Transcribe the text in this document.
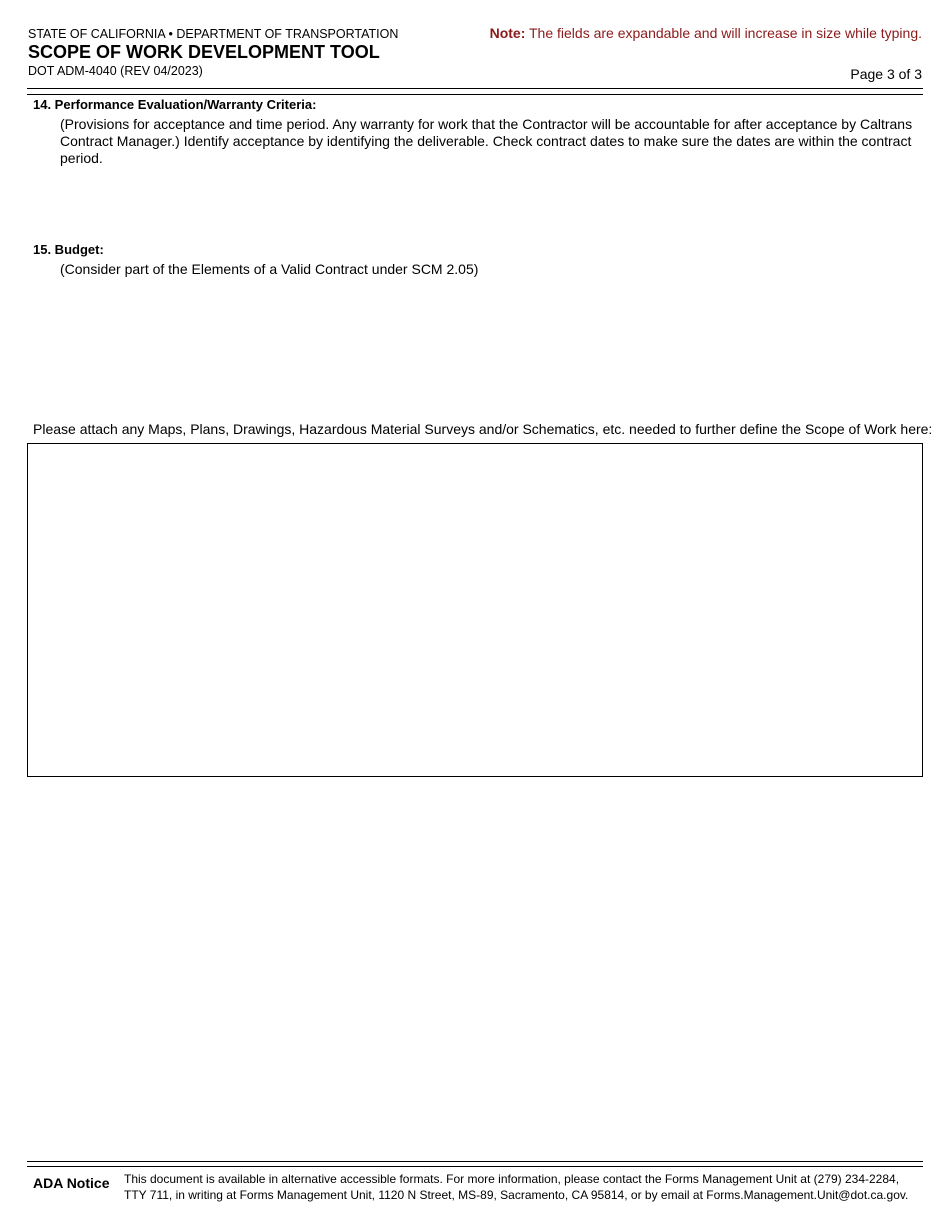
STATE OF CALIFORNIA • DEPARTMENT OF TRANSPORTATION
SCOPE OF WORK DEVELOPMENT TOOL
DOT ADM-4040 (REV 04/2023)
Note: The fields are expandable and will increase in size while typing.
Page 3 of 3
14. Performance Evaluation/Warranty Criteria:
(Provisions for acceptance and time period. Any warranty for work that the Contractor will be accountable for after acceptance by Caltrans Contract Manager.) Identify acceptance by identifying the deliverable. Check contract dates to make sure the dates are within the contract period.
15. Budget:
(Consider part of the Elements of a Valid Contract under SCM 2.05)
Please attach any Maps, Plans, Drawings, Hazardous Material Surveys and/or Schematics, etc. needed to further define the Scope of Work here:
ADA Notice This document is available in alternative accessible formats. For more information, please contact the Forms Management Unit at (279) 234-2284, TTY 711, in writing at Forms Management Unit, 1120 N Street, MS-89, Sacramento, CA 95814, or by email at Forms.Management.Unit@dot.ca.gov.
